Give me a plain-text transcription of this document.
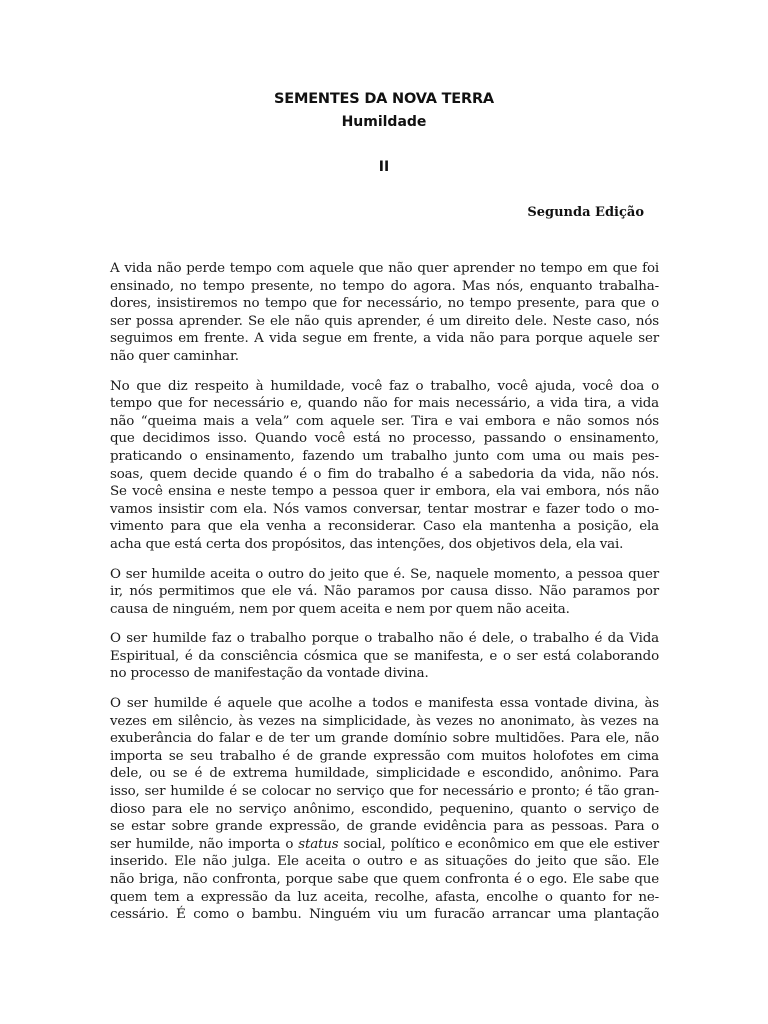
SEMENTES DA NOVA TERRA
Humildade
II
Segunda Edição

A vida não perde tempo com aquele que não quer aprender no tempo em que foi
ensinado, no tempo presente, no tempo do agora. Mas nós, enquanto trabalha-
dores, insistiremos no tempo que for necessário, no tempo presente, para que o
ser possa aprender. Se ele não quis aprender, é um direito dele. Neste caso, nós
seguimos em frente. A vida segue em frente, a vida não para porque aquele ser
não quer caminhar.

No que diz respeito à humildade, você faz o trabalho, você ajuda, você doa o
tempo que for necessário e, quando não for mais necessário, a vida tira, a vida
não “queima mais a vela” com aquele ser. Tira e vai embora e não somos nós
que decidimos isso. Quando você está no processo, passando o ensinamento,
praticando o ensinamento, fazendo um trabalho junto com uma ou mais pes-
soas, quem decide quando é o fim do trabalho é a sabedoria da vida, não nós.
Se você ensina e neste tempo a pessoa quer ir embora, ela vai embora, nós não
vamos insistir com ela. Nós vamos conversar, tentar mostrar e fazer todo o mo-
vimento para que ela venha a reconsiderar. Caso ela mantenha a posição, ela
acha que está certa dos propósitos, das intenções, dos objetivos dela, ela vai.

O ser humilde aceita o outro do jeito que é. Se, naquele momento, a pessoa quer
ir, nós permitimos que ele vá. Não paramos por causa disso. Não paramos por
causa de ninguém, nem por quem aceita e nem por quem não aceita.

O ser humilde faz o trabalho porque o trabalho não é dele, o trabalho é da Vida
Espiritual, é da consciência cósmica que se manifesta, e o ser está colaborando
no processo de manifestação da vontade divina.

O ser humilde é aquele que acolhe a todos e manifesta essa vontade divina, às
vezes em silêncio, às vezes na simplicidade, às vezes no anonimato, às vezes na
exuberância do falar e de ter um grande domínio sobre multidões. Para ele, não
importa se seu trabalho é de grande expressão com muitos holofotes em cima
dele, ou se é de extrema humildade, simplicidade e escondido, anônimo. Para
isso, ser humilde é se colocar no serviço que for necessário e pronto; é tão gran-
dioso para ele no serviço anônimo, escondido, pequenino, quanto o serviço de
se estar sobre grande expressão, de grande evidência para as pessoas. Para o
ser humilde, não importa o status social, político e econômico em que ele estiver
inserido. Ele não julga. Ele aceita o outro e as situações do jeito que são. Ele
não briga, não confronta, porque sabe que quem confronta é o ego. Ele sabe que
quem tem a expressão da luz aceita, recolhe, afasta, encolhe o quanto for ne-
cessário. É como o bambu. Ninguém viu um furacão arrancar uma plantação
